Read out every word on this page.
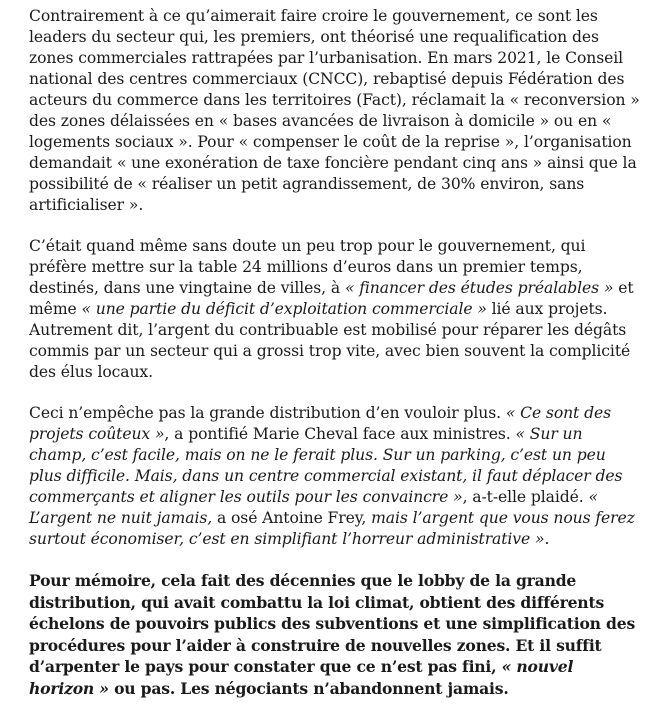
Contrairement à ce qu’aimerait faire croire le gouvernement, ce sont les leaders du secteur qui, les premiers, ont théorisé une requalification des zones commerciales rattrapées par l’urbanisation. En mars 2021, le Conseil national des centres commerciaux (CNCC), rebaptisé depuis Fédération des acteurs du commerce dans les territoires (Fact), réclamait la « reconversion » des zones délaissées en « bases avancées de livraison à domicile » ou en « logements sociaux ». Pour « compenser le coût de la reprise », l’organisation demandait « une exonération de taxe foncière pendant cinq ans » ainsi que la possibilité de « réaliser un petit agrandissement, de 30% environ, sans artificialiser ».

C’était quand même sans doute un peu trop pour le gouvernement, qui préfère mettre sur la table 24 millions d’euros dans un premier temps, destinés, dans une vingtaine de villes, à « financer des études préalables » et même « une partie du déficit d’exploitation commerciale » lié aux projets. Autrement dit, l’argent du contribuable est mobilisé pour réparer les dégâts commis par un secteur qui a grossi trop vite, avec bien souvent la complicité des élus locaux.

Ceci n’empêche pas la grande distribution d’en vouloir plus. « Ce sont des projets coûteux », a pontifié Marie Cheval face aux ministres. « Sur un champ, c’est facile, mais on ne le ferait plus. Sur un parking, c’est un peu plus difficile. Mais, dans un centre commercial existant, il faut déplacer des commerçants et aligner les outils pour les convaincre », a-t-elle plaidé. « L’argent ne nuit jamais, a osé Antoine Frey, mais l’argent que vous nous ferez surtout économiser, c’est en simplifiant l’horreur administrative ».

Pour mémoire, cela fait des décennies que le lobby de la grande distribution, qui avait combattu la loi climat, obtient des différents échelons de pouvoirs publics des subventions et une simplification des procédures pour l’aider à construire de nouvelles zones. Et il suffit d’arpenter le pays pour constater que ce n’est pas fini, « nouvel horizon » ou pas. Les négociants n’abandonnent jamais.
